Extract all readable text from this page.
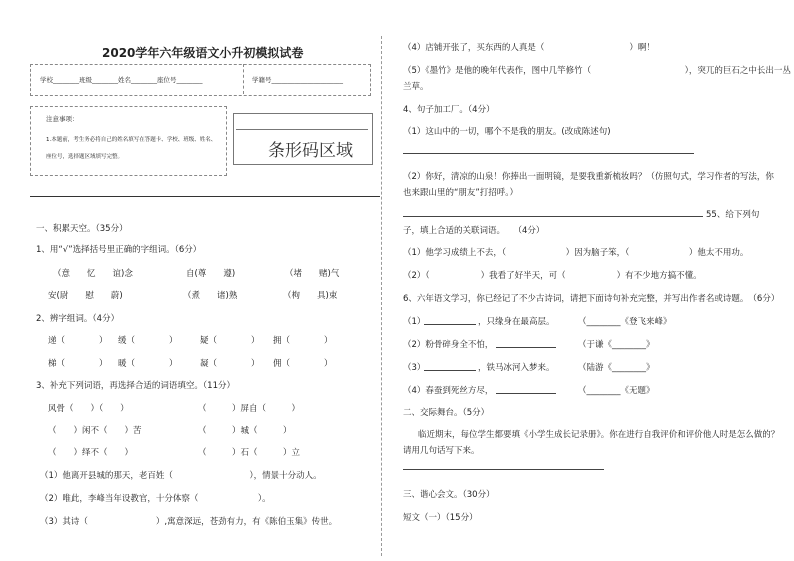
2020学年六年级语文小升初模拟试卷
学校________班级________姓名________座位号________	学籍号______________________
注意事项：
1.本题前，考生务必将自己的姓名填写在答题卡、学校、班级、姓名、
座位号，选择题区域填写完整。	条形码区域
一、积累天空。（35分）
1、用“√”选择括号里正确的字组词。（6分）
（意　　忆　　谊)念	自(尊　　遵)	（堵　　赌)气
安(尉　　慰　　蔚)	（煮　　诸)熟	（枸　　具)束
2、辨字组词。（4分）
递（　　　　） 缓（　　　　）	疑（　　　　） 拥（　　　　）
梯（　　　　） 暖（　　　　）	凝（　　　　） 佣（　　　　）
3、补充下列词语，再选择合适的词语填空。（11分）
风骨（　　）（　　）	（　　　）屏自（　　　）
（　　）闲不（　　）苦	（　　　）城（　　　）
（　　）绎不（　　）	（　　　）石（　　　）立
（1）他离开县城的那天，老百姓（　　　　　　　　　），情景十分动人。
（2）唯此，李峰当年设教官，十分体察（　　　　　　　）。
（3）其诗（　　　　　　　　）,寓意深远，苍劲有力，有《陈伯玉集》传世。
（4）店铺开张了，买东西的人真是（　　　　　　　　　　）啊！
（5）《墨竹》是他的晚年代表作，图中几竿修竹（　　　　　　　　　　　），突兀的巨石之中长出一丛
兰草。
4、句子加工厂。（4分）
（1）这山中的一切，哪个不是我的朋友。(改成陈述句)
（2）你好，清凉的山泉！你捧出一面明镜，是要我重新梳妆吗？（仿照句式，学习作者的写法，你
也来跟山里的“朋友”打招呼。）
55、给下列句
子，填上合适的关联词语。　　（4分）
（1）他学习成绩上不去，（　　　　　　　）因为脑子笨，（　　　　　　　）他太不用功。
（2）（　　　　　　）我看了好半天，可（　　　　　　）有不少地方搞不懂。
6、六年语文学习，你已经记了不少古诗词，请把下面诗句补充完整，并写出作者名或诗题。　（6分）
（1）	，只缘身在最高层。	（________《登飞来峰》
（2）粉骨碎身全不怕，	（于谦《________》
（3）	，铁马冰河入梦来。	（陆游《________》
（4）春蚕到死丝方尽，	（________《无题》
二、交际舞台。（5分）
临近期末，每位学生都要填《小学生成长记录册》。你在进行自我评价和评价他人时是怎么做的？
请用几句话写下来。
三、谐心会文。（30分）
短文（一）（15分）
